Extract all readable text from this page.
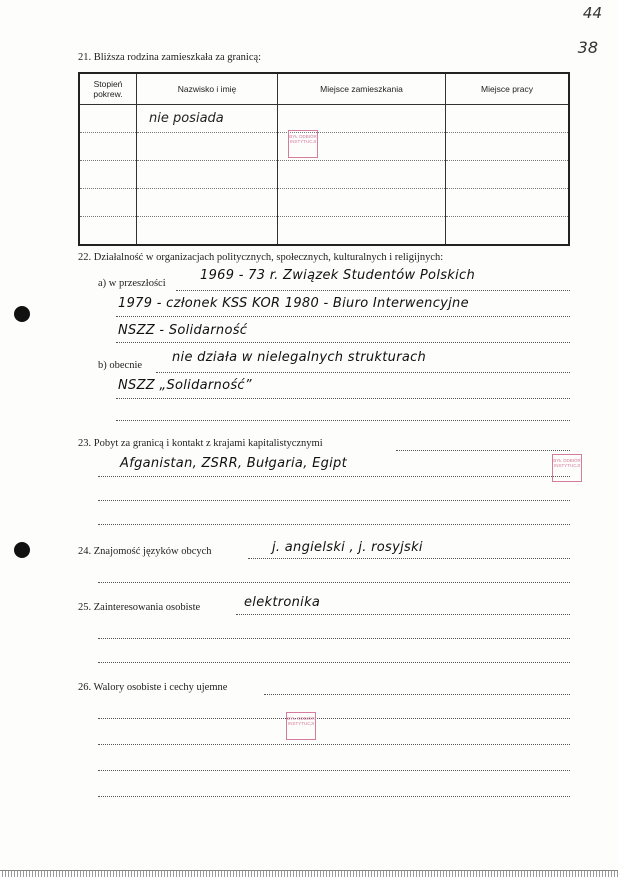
44
38
21. Bliższa rodzina zamieszkała za granicą:
Stopień pokrew.	Nazwisko i imię	Miejsce zamieszkania	Miejsce pracy
	nie posiada		

BYŁ ODBIÓR INSTYTUCJI
22. Działalność w organizacjach politycznych, społecznych, kulturalnych i religijnych:
a) w przeszłości
1969 - 73 r. Związek Studentów Polskich
1979 - członek KSS KOR 1980 - Biuro Interwencyjne
NSZZ - Solidarność
b) obecnie
nie działa w nielegalnych strukturach
NSZZ „Solidarność”
23. Pobyt za granicą i kontakt z krajami kapitalistycznymi
Afganistan, ZSRR, Bułgaria, Egipt	BYŁ ODBIÓR INSTYTUCJI
24. Znajomość języków obcych	j. angielski , j. rosyjski
25. Zainteresowania osobiste	elektronika
26. Walory osobiste i cechy ujemne
BYŁ ODBIÓR INSTYTUCJI
